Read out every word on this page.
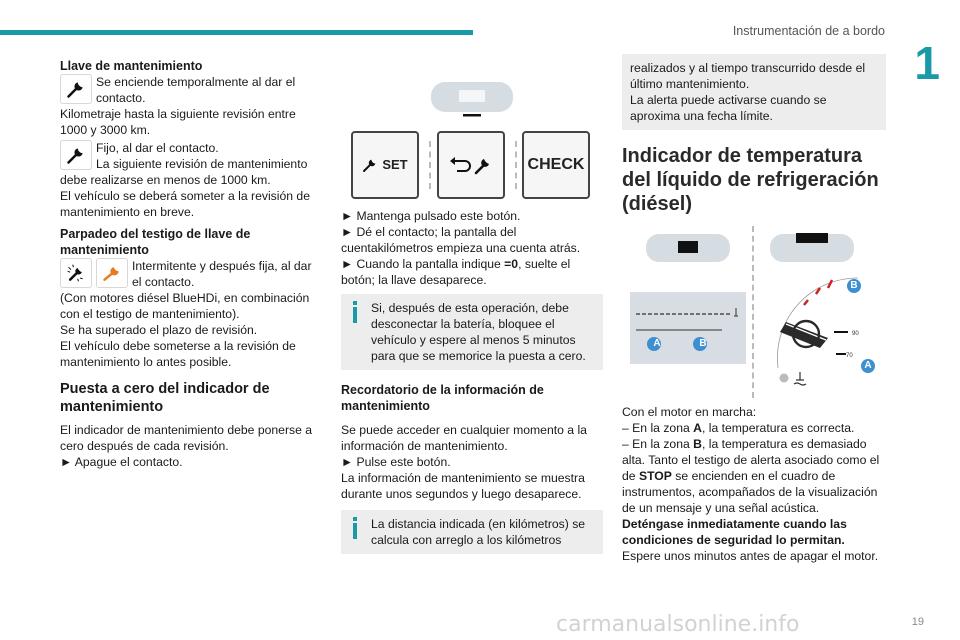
Instrumentación de a bordo
1
19
carmanualsonline.info
Llave de mantenimiento
Se enciende temporalmente al dar el
contacto.
Kilometraje hasta la siguiente revisión entre 1000 y 3000 km.
Fijo, al dar el contacto.
La siguiente revisión de mantenimiento
debe realizarse en menos de 1000 km.
El vehículo se deberá someter a la revisión de mantenimiento en breve.
Parpadeo del testigo de llave de mantenimiento
Intermitente y después fija, al dar
el contacto.
(Con motores diésel BlueHDi, en combinación con el testigo de mantenimiento).
Se ha superado el plazo de revisión.
El vehículo debe someterse a la revisión de mantenimiento lo antes posible.
Puesta a cero del indicador de mantenimiento
El indicador de mantenimiento debe ponerse a cero después de cada revisión.
► Apague el contacto.
SET	CHECK
► Mantenga pulsado este botón.
► Dé el contacto; la pantalla del cuentakilómetros empieza una cuenta atrás.
► Cuando la pantalla indique =0, suelte el botón; la llave desaparece.
Si, después de esta operación, debe desconectar la batería, bloquee el vehículo y espere al menos 5 minutos para que se memorice la puesta a cero.
Recordatorio de la información de mantenimiento
Se puede acceder en cualquier momento a la información de mantenimiento.
► Pulse este botón.
La información de mantenimiento se muestra durante unos segundos y luego desaparece.
La distancia indicada (en kilómetros) se calcula con arreglo a los kilómetros
realizados y al tiempo transcurrido desde el último mantenimiento.
La alerta puede activarse cuando se aproxima una fecha límite.
Indicador de temperatura del líquido de refrigeración (diésel)
A	B
B
A
90
70
Con el motor en marcha:
– En la zona A, la temperatura es correcta.
– En la zona B, la temperatura es demasiado alta. Tanto el testigo de alerta asociado como el de STOP se encienden en el cuadro de instrumentos, acompañados de la visualización de un mensaje y una señal acústica.
Deténgase inmediatamente cuando las condiciones de seguridad lo permitan.
Espere unos minutos antes de apagar el motor.
